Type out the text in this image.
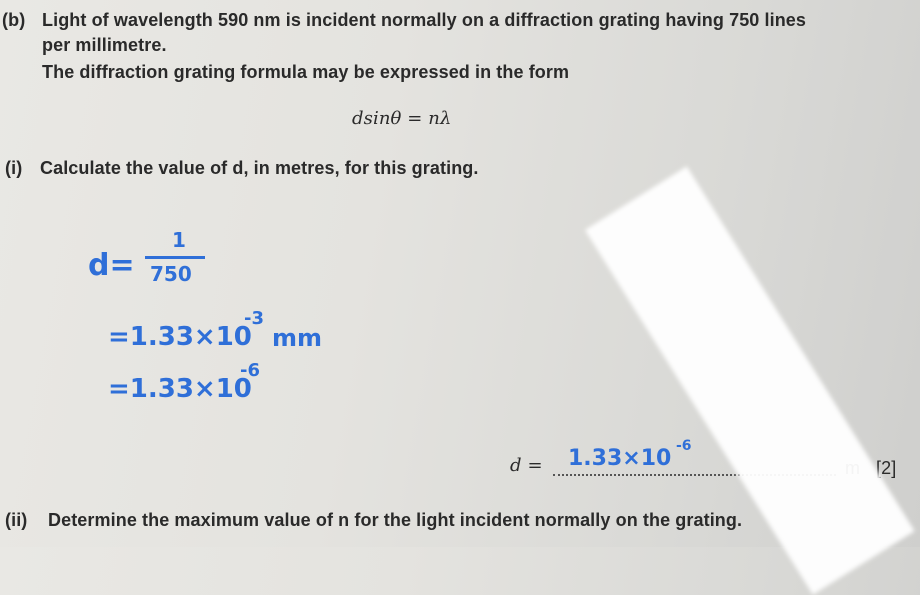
(b) Light of wavelength 590 nm is incident normally on a diffraction grating having 750 lines
per millimetre.
The diffraction grating formula may be expressed in the form
dsinθ = nλ
(i) Calculate the value of d, in metres, for this grating.
d=
1
750
=1.33×10
-3
mm
=1.33×10
-6
d = 1.33×10 -6
[2]
(ii) Determine the maximum value of n for the light incident normally on the grating.
